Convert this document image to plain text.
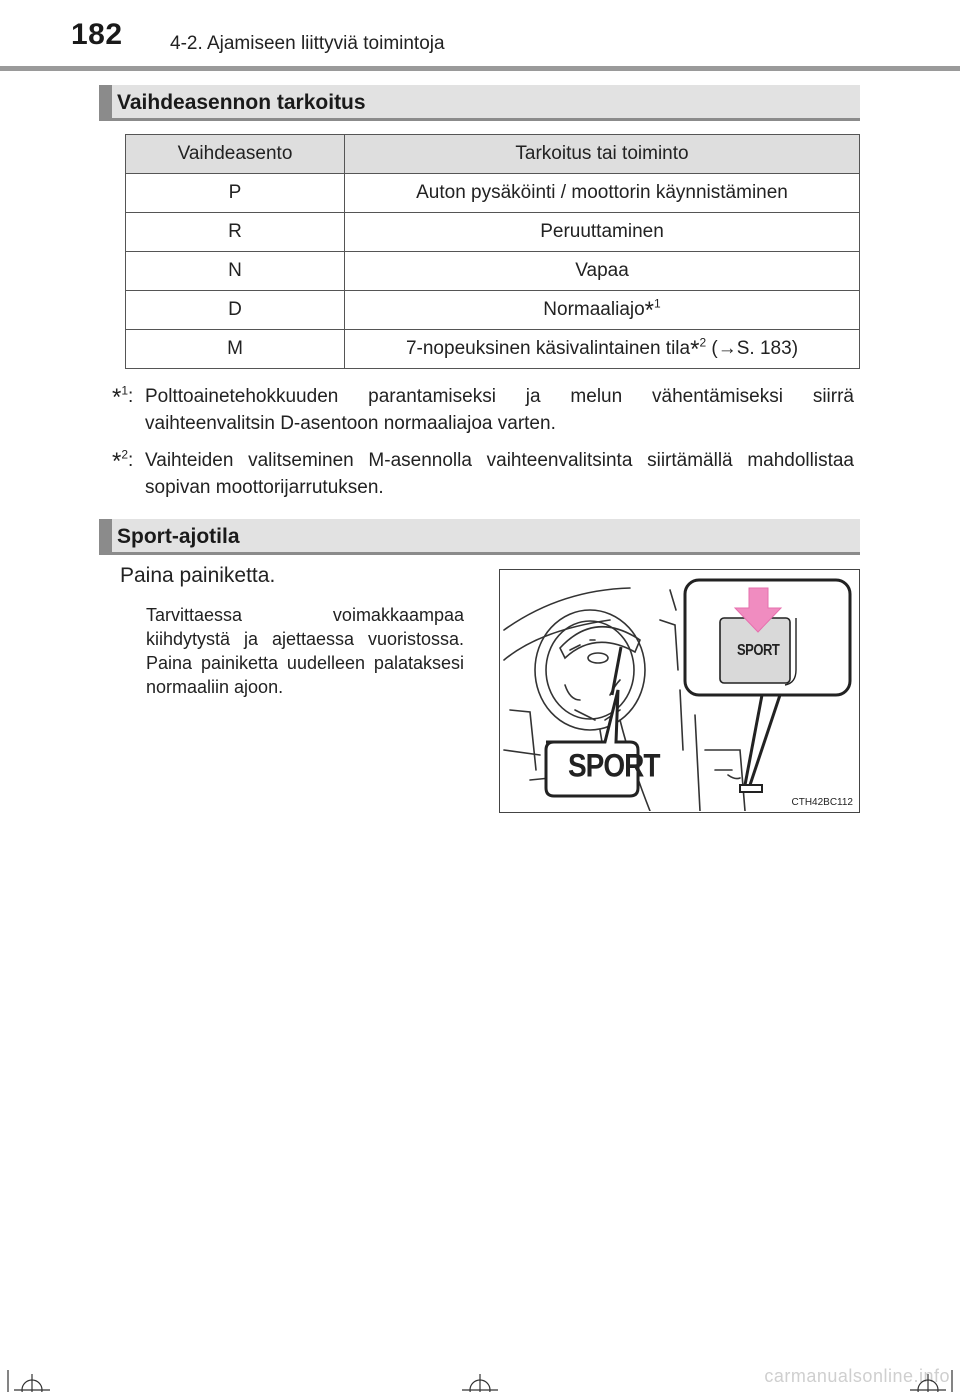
182 4-2. Ajamiseen liittyviä toimintoja
Vaihdeasennon tarkoitus
Vaihdeasento	Tarkoitus tai toiminto
P	Auton pysäköinti / moottorin käynnistäminen
R	Peruuttaminen
N	Vapaa
D	Normaaliajo*$^1$
M	7-nopeuksinen käsivalintainen tila*$^2$ (→S. 183)
*$^1$: Polttoainetehokkuuden parantamiseksi ja melun vähentämiseksi siirrä vaihteenvalitsin D-asentoon normaaliajoa varten.
*$^2$: Vaihteiden valitseminen M-asennolla vaihteenvalitsinta siirtämällä mahdollistaa sopivan moottorijarrutuksen.
Sport-ajotila
Paina painiketta.
Tarvittaessa voimakkaampaa kiihdytystä ja ajettaessa vuoristossa. Paina painiketta uudelleen palataksesi normaaliin ajoon.
SPORT
SPORT
CTH42BC112
carmanualsonline.info
